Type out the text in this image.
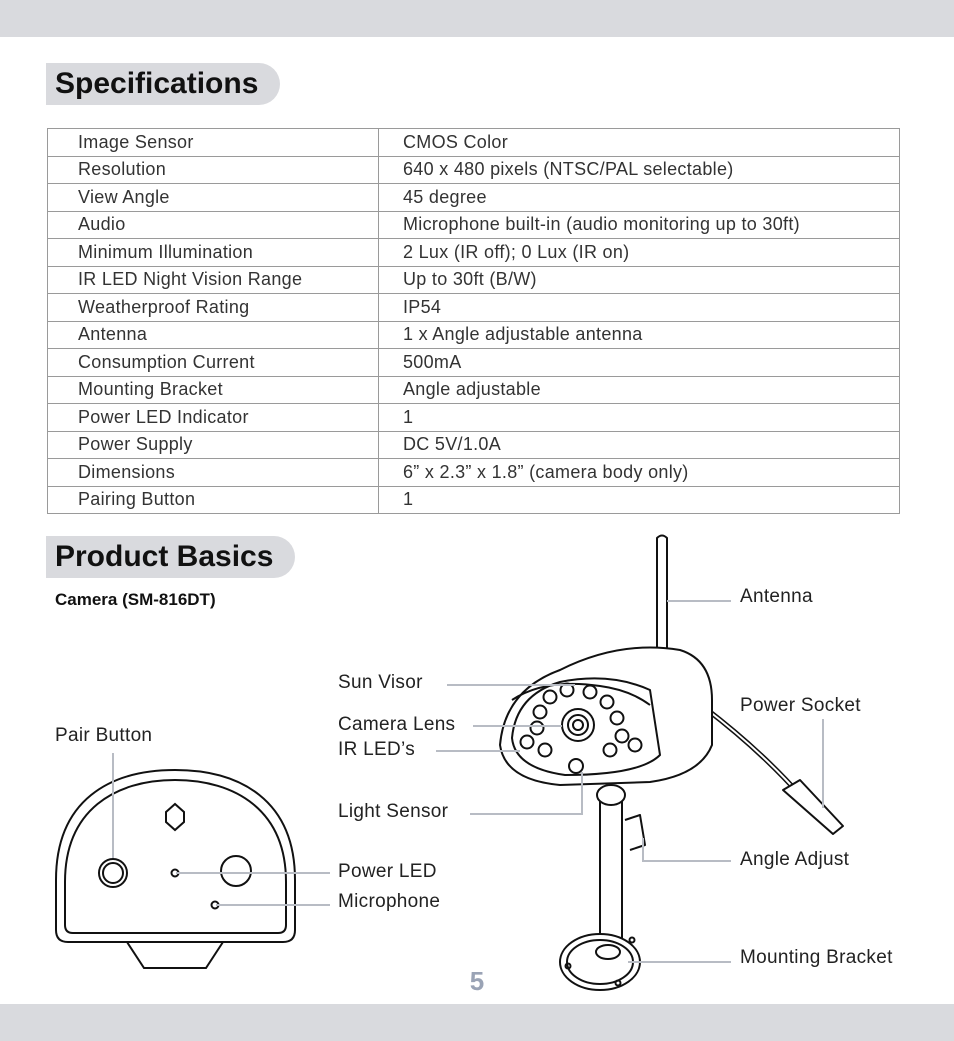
Specifications
Image Sensor	CMOS Color
Resolution	640 x 480 pixels (NTSC/PAL selectable)
View Angle	45 degree
Audio	Microphone built-in (audio monitoring up to 30ft)
Minimum Illumination	2 Lux (IR off); 0 Lux (IR on)
IR LED Night Vision Range	Up to 30ft (B/W)
Weatherproof Rating	IP54
Antenna	1 x Angle adjustable antenna
Consumption Current	500mA
Mounting Bracket	Angle adjustable
Power LED Indicator	1
Power Supply	DC 5V/1.0A
Dimensions	6” x 2.3” x 1.8” (camera body only)
Pairing Button	1
Product Basics
Camera (SM-816DT)
Pair Button
Power LED
Microphone
Sun Visor
Camera Lens
IR LED’s
Light Sensor
Antenna
Power Socket
Angle Adjust
Mounting Bracket
5
